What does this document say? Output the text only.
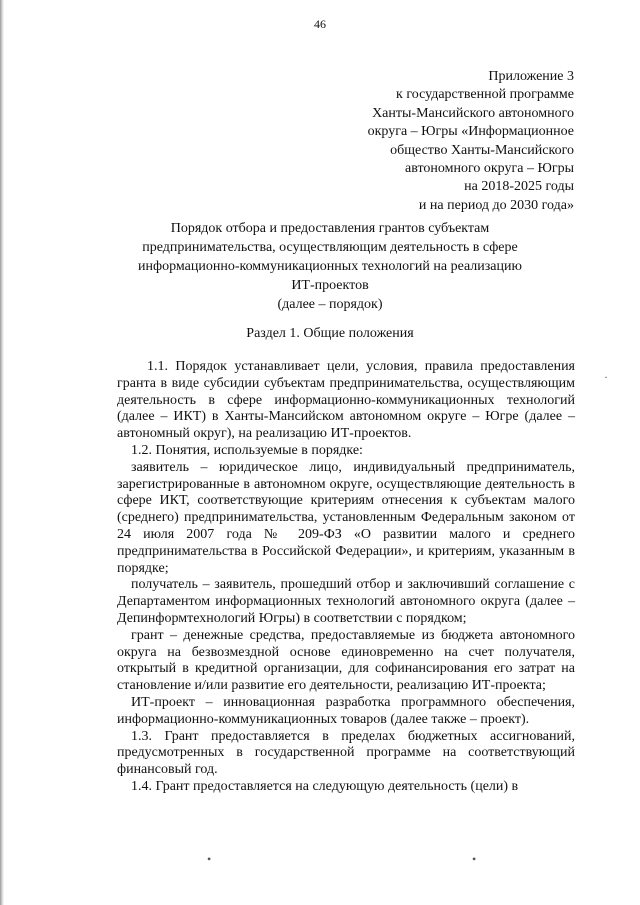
46
Приложение 3
к государственной программе
Ханты-Мансийского автономного
округа – Югры «Информационное
общество Ханты-Мансийского
автономного округа – Югры
на 2018-2025 годы
и на период до 2030 года»
Порядок отбора и предоставления грантов субъектам
предпринимательства, осуществляющим деятельность в сфере
информационно-коммуникационных технологий на реализацию
ИТ-проектов
(далее – порядок)
Раздел 1. Общие положения
1.1. Порядок устанавливает цели, условия, правила предоставления гранта в виде субсидии субъектам предпринимательства, осуществляющим деятельность в сфере информационно-коммуникационных технологий (далее – ИКТ) в Ханты-Мансийском автономном округе – Югре (далее – автономный округ), на реализацию ИТ-проектов.
1.2. Понятия, используемые в порядке:
заявитель – юридическое лицо, индивидуальный предприниматель, зарегистрированные в автономном округе, осуществляющие деятельность в сфере ИКТ, соответствующие критериям отнесения к субъектам малого (среднего) предпринимательства, установленным Федеральным законом от 24 июля 2007 года № 209-ФЗ «О развитии малого и среднего предпринимательства в Российской Федерации», и критериям, указанным в порядке;
получатель – заявитель, прошедший отбор и заключивший соглашение с Департаментом информационных технологий автономного округа (далее – Депинформтехнологий Югры) в соответствии с порядком;
грант – денежные средства, предоставляемые из бюджета автономного округа на безвозмездной основе единовременно на счет получателя, открытый в кредитной организации, для софинансирования его затрат на становление и/или развитие его деятельности, реализацию ИТ-проекта;
ИТ-проект – инновационная разработка программного обеспечения, информационно-коммуникационных товаров (далее также – проект).
1.3. Грант предоставляется в пределах бюджетных ассигнований, предусмотренных в государственной программе на соответствующий финансовый год.
1.4. Грант предоставляется на следующую деятельность (цели) в
·
•	•
